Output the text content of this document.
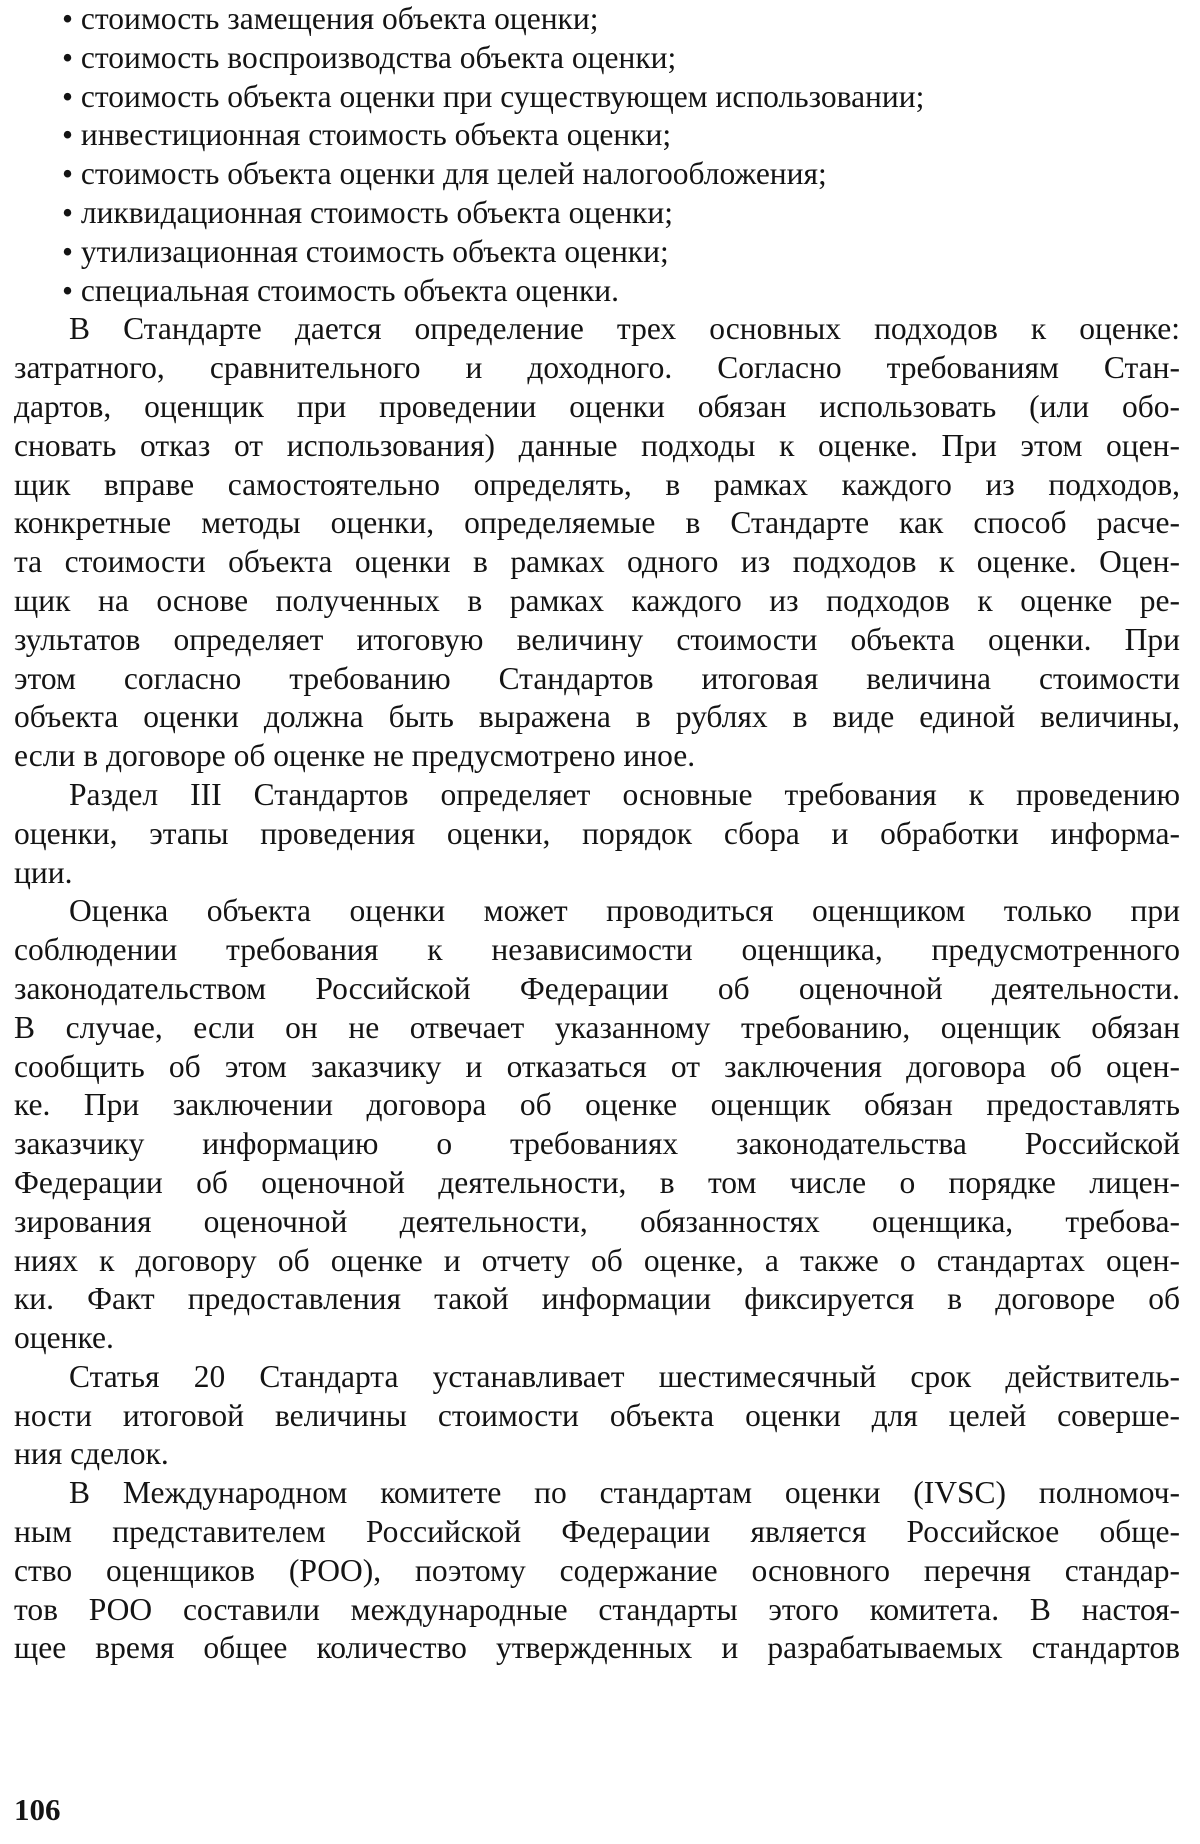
• стоимость замещения объекта оценки;
• стоимость воспроизводства объекта оценки;
• стоимость объекта оценки при существующем использовании;
• инвестиционная стоимость объекта оценки;
• стоимость объекта оценки для целей налогообложения;
• ликвидационная стоимость объекта оценки;
• утилизационная стоимость объекта оценки;
• специальная стоимость объекта оценки.
В Стандарте дается определение трех основных подходов к оценке:
затратного, сравнительного и доходного. Согласно требованиям Стан-
дартов, оценщик при проведении оценки обязан использовать (или обо-
сновать отказ от использования) данные подходы к оценке. При этом оцен-
щик вправе самостоятельно определять, в рамках каждого из подходов,
конкретные методы оценки, определяемые в Стандарте как способ расче-
та стоимости объекта оценки в рамках одного из подходов к оценке. Оцен-
щик на основе полученных в рамках каждого из подходов к оценке ре-
зультатов определяет итоговую величину стоимости объекта оценки. При
этом согласно требованию Стандартов итоговая величина стоимости
объекта оценки должна быть выражена в рублях в виде единой величины,
если в договоре об оценке не предусмотрено иное.
Раздел III Стандартов определяет основные требования к проведению
оценки, этапы проведения оценки, порядок сбора и обработки информа-
ции.
Оценка объекта оценки может проводиться оценщиком только при
соблюдении требования к независимости оценщика, предусмотренного
законодательством Российской Федерации об оценочной деятельности.
В случае, если он не отвечает указанному требованию, оценщик обязан
сообщить об этом заказчику и отказаться от заключения договора об оцен-
ке. При заключении договора об оценке оценщик обязан предоставлять
заказчику информацию о требованиях законодательства Российской
Федерации об оценочной деятельности, в том числе о порядке лицен-
зирования оценочной деятельности, обязанностях оценщика, требова-
ниях к договору об оценке и отчету об оценке, а также о стандартах оцен-
ки. Факт предоставления такой информации фиксируется в договоре об
оценке.
Статья 20 Стандарта устанавливает шестимесячный срок действитель-
ности итоговой величины стоимости объекта оценки для целей соверше-
ния сделок.
В Международном комитете по стандартам оценки (IVSC) полномоч-
ным представителем Российской Федерации является Российское обще-
ство оценщиков (РОО), поэтому содержание основного перечня стандар-
тов РОО составили международные стандарты этого комитета. В настоя-
щее время общее количество утвержденных и разрабатываемых стандартов
106
